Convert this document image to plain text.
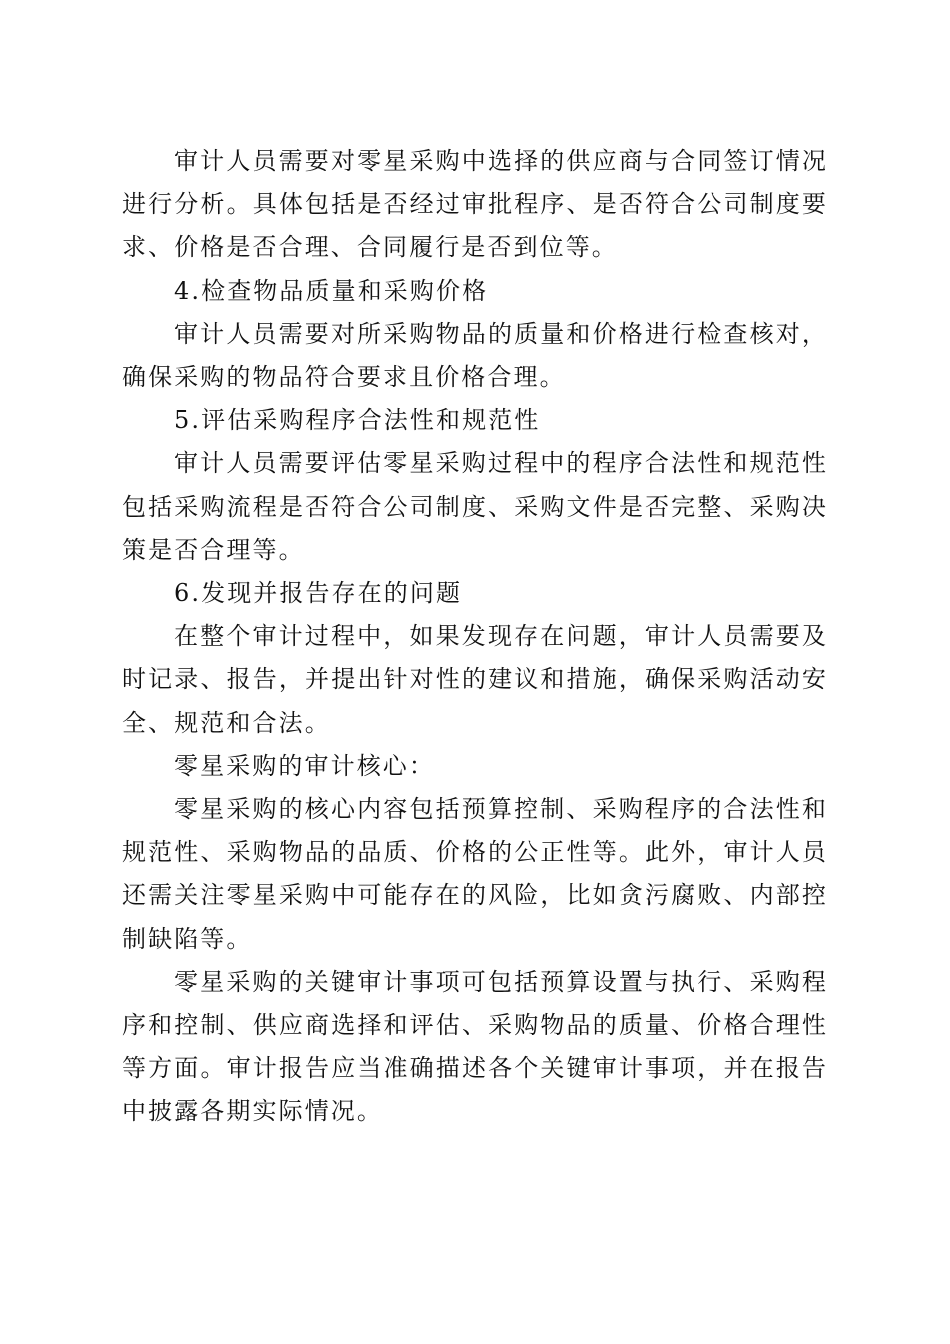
审计人员需要对零星采购中选择的供应商与合同签订情况进行分析。具体包括是否经过审批程序、是否符合公司制度要求、价格是否合理、合同履行是否到位等。

4.检查物品质量和采购价格

审计人员需要对所采购物品的质量和价格进行检查核对，确保采购的物品符合要求且价格合理。

5.评估采购程序合法性和规范性

审计人员需要评估零星采购过程中的程序合法性和规范性包括采购流程是否符合公司制度、采购文件是否完整、采购决策是否合理等。

6.发现并报告存在的问题

在整个审计过程中，如果发现存在问题，审计人员需要及时记录、报告，并提出针对性的建议和措施，确保采购活动安全、规范和合法。

零星采购的审计核心：

零星采购的核心内容包括预算控制、采购程序的合法性和规范性、采购物品的品质、价格的公正性等。此外，审计人员还需关注零星采购中可能存在的风险，比如贪污腐败、内部控制缺陷等。

零星采购的关键审计事项可包括预算设置与执行、采购程序和控制、供应商选择和评估、采购物品的质量、价格合理性等方面。审计报告应当准确描述各个关键审计事项，并在报告中披露各期实际情况。
